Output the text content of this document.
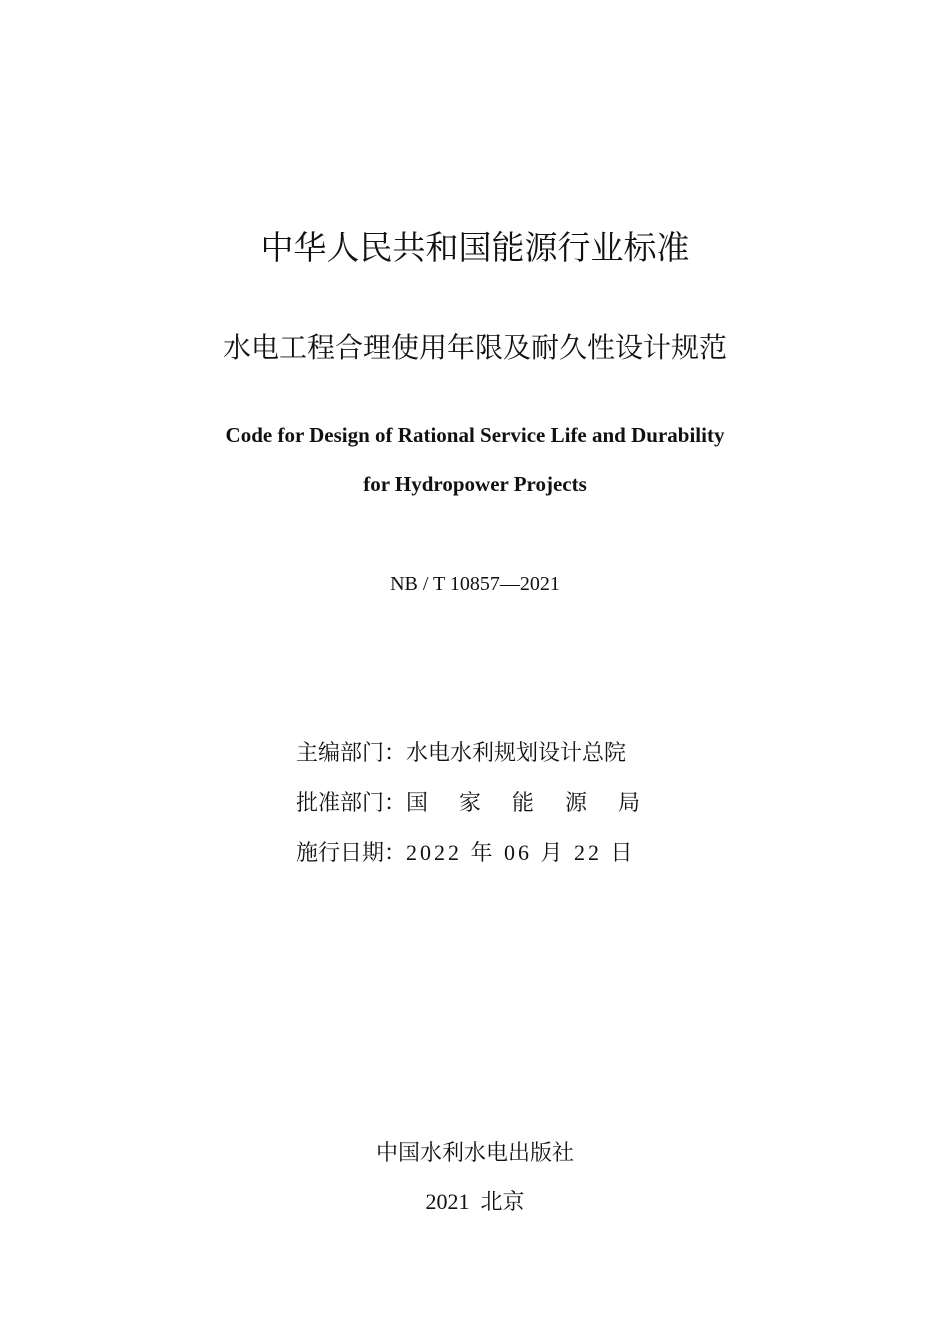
中华人民共和国能源行业标准
水电工程合理使用年限及耐久性设计规范
Code for Design of Rational Service Life and Durability
for Hydropower Projects
NB / T 10857—2021
主编部门：水电水利规划设计总院
批准部门：国 家 能 源 局
施行日期：2022 年 06 月 22 日
中国水利水电出版社
2021  北京
